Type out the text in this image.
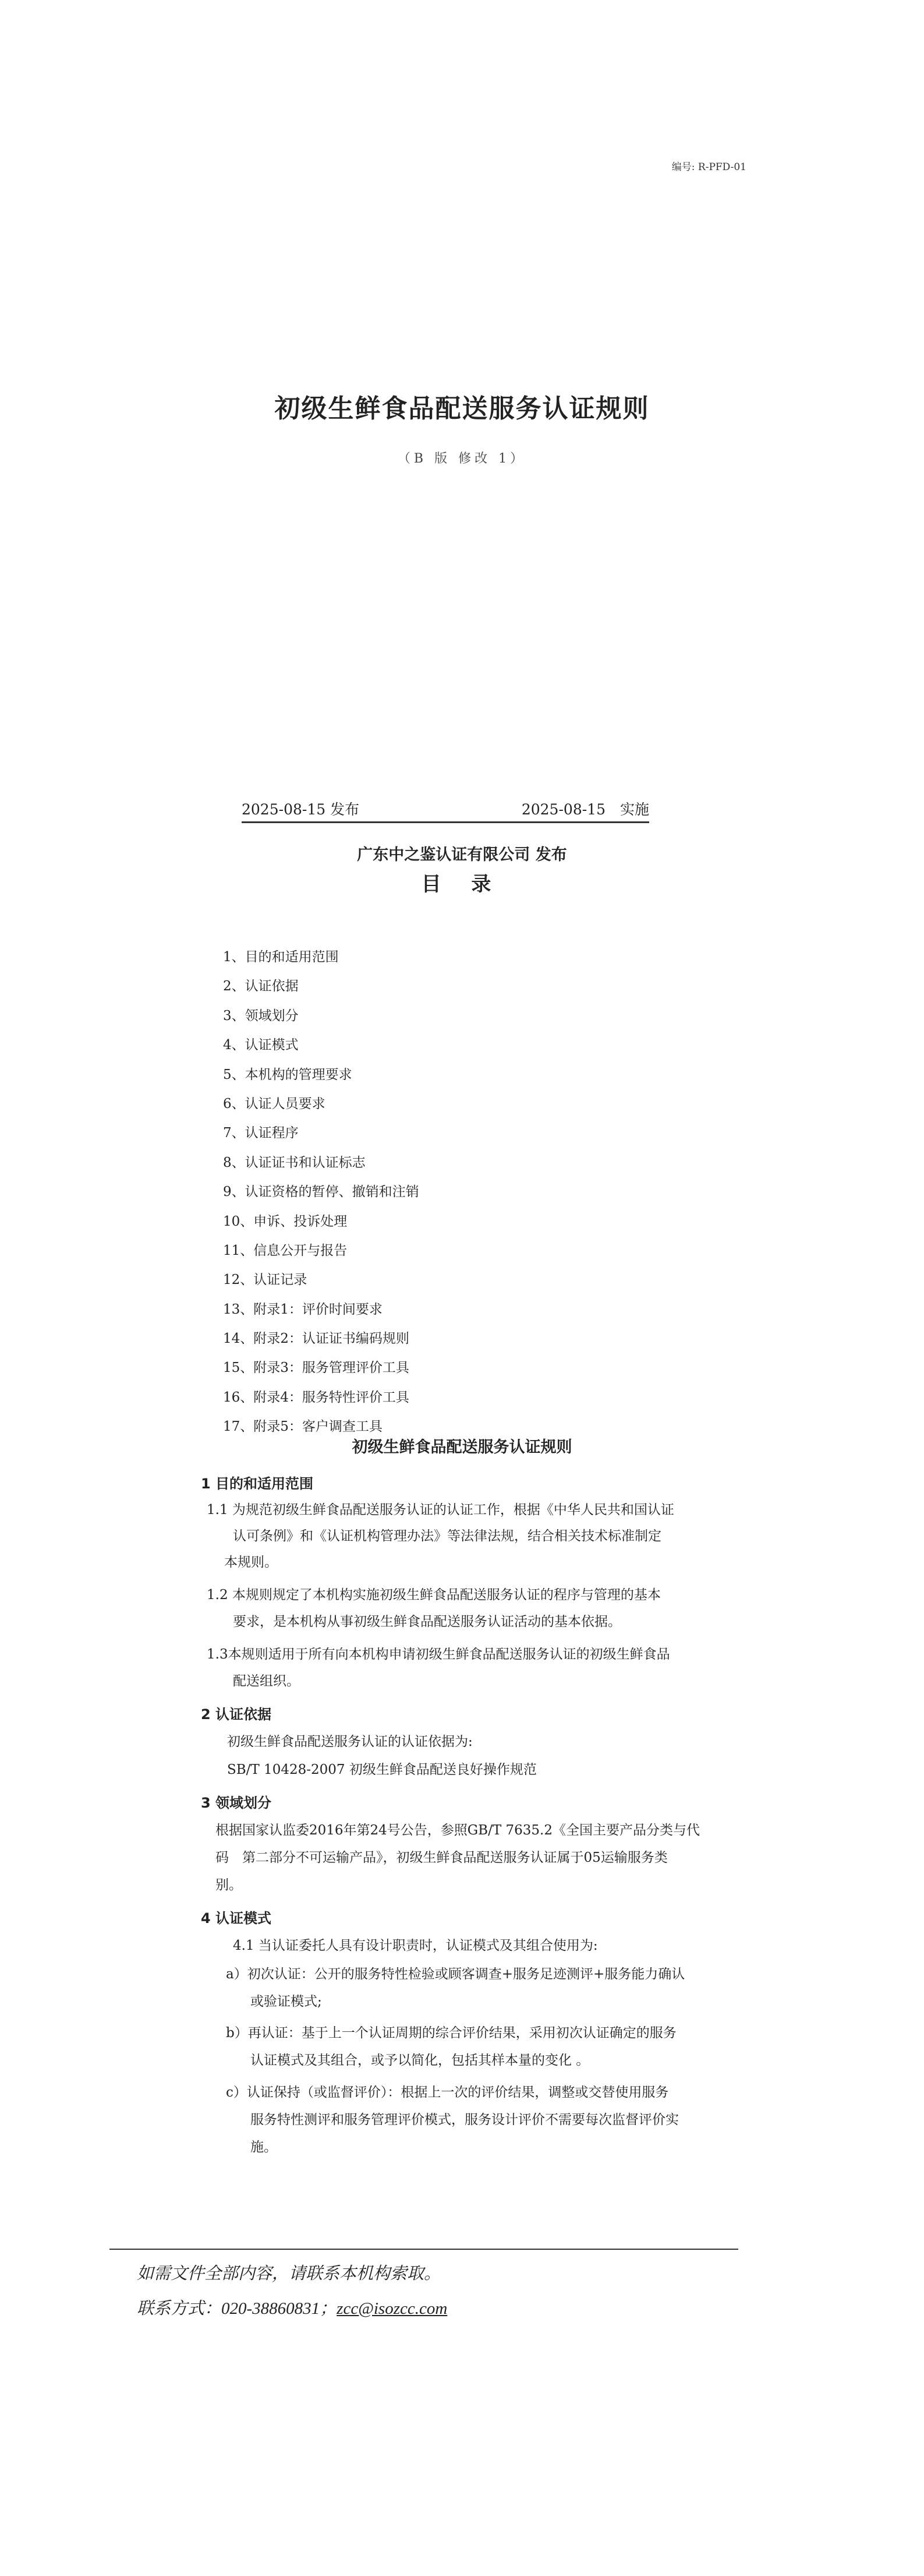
编号: R-PFD-01
初级生鲜食品配送服务认证规则
（B 版 修改 1）
2025-08-15 发布	2025-08-15　实施
广东中之鉴认证有限公司 发布
目 录
1、目的和适用范围
2、认证依据
3、领域划分
4、认证模式
5、本机构的管理要求
6、认证人员要求
7、认证程序
8、认证证书和认证标志
9、认证资格的暂停、撤销和注销
10、申诉、投诉处理
11、信息公开与报告
12、认证记录
13、附录1：评价时间要求
14、附录2：认证证书编码规则
15、附录3：服务管理评价工具
16、附录4：服务特性评价工具
17、附录5：客户调查工具
初级生鲜食品配送服务认证规则
1 目的和适用范围
1.1 为规范初级生鲜食品配送服务认证的认证工作，根据《中华人民共和国认证
认可条例》和《认证机构管理办法》等法律法规，结合相关技术标准制定
本规则。
1.2 本规则规定了本机构实施初级生鲜食品配送服务认证的程序与管理的基本
要求，是本机构从事初级生鲜食品配送服务认证活动的基本依据。
1.3本规则适用于所有向本机构申请初级生鲜食品配送服务认证的初级生鲜食品
配送组织。
2 认证依据
初级生鲜食品配送服务认证的认证依据为:
SB/T 10428-2007 初级生鲜食品配送良好操作规范
3 领域划分
根据国家认监委2016年第24号公告，参照GB/T 7635.2《全国主要产品分类与代
码　第二部分不可运输产品》，初级生鲜食品配送服务认证属于05运输服务类
别。
4 认证模式
4.1 当认证委托人具有设计职责时，认证模式及其组合使用为:
a）初次认证：公开的服务特性检验或顾客调查+服务足迹测评+服务能力确认
或验证模式;
b）再认证：基于上一个认证周期的综合评价结果，采用初次认证确定的服务
认证模式及其组合，或予以简化，包括其样本量的变化 。
c）认证保持（或监督评价）：根据上一次的评价结果，调整或交替使用服务
服务特性测评和服务管理评价模式，服务设计评价不需要每次监督评价实
施。
如需文件全部内容，请联系本机构索取。
联系方式：020-38860831；zcc@isozcc.com
